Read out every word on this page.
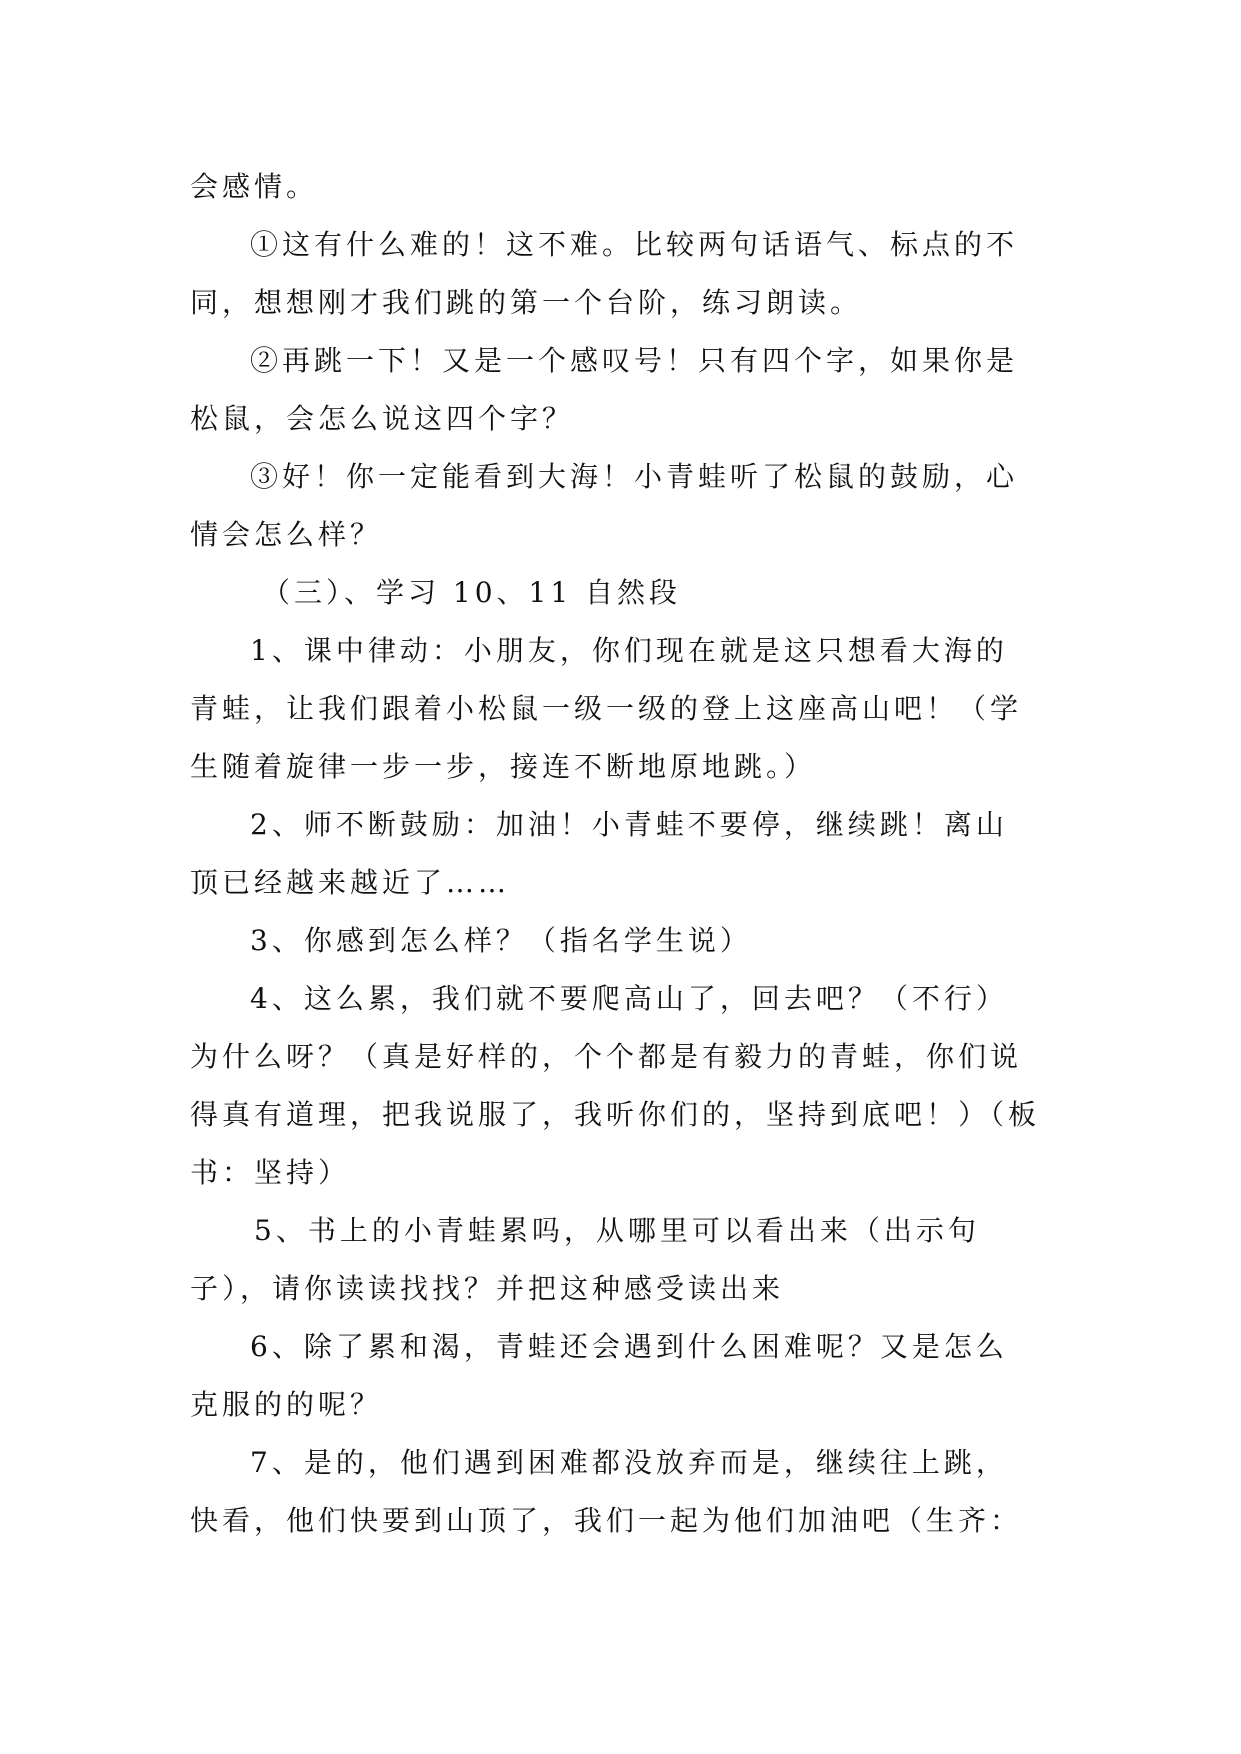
会感情。
①这有什么难的！这不难。比较两句话语气、标点的不
同，想想刚才我们跳的第一个台阶，练习朗读。
②再跳一下！又是一个感叹号！只有四个字，如果你是
松鼠，会怎么说这四个字？
③好！你一定能看到大海！小青蛙听了松鼠的鼓励，心
情会怎么样？
（三）、学习 10、11 自然段
1、课中律动：小朋友，你们现在就是这只想看大海的
青蛙，让我们跟着小松鼠一级一级的登上这座高山吧！（学
生随着旋律一步一步，接连不断地原地跳。）
2、师不断鼓励：加油！小青蛙不要停，继续跳！离山
顶已经越来越近了……
3、你感到怎么样？（指名学生说）
4、这么累，我们就不要爬高山了，回去吧？（不行）
为什么呀？（真是好样的，个个都是有毅力的青蛙，你们说
得真有道理，把我说服了，我听你们的，坚持到底吧！）（板
书：坚持）
5、书上的小青蛙累吗，从哪里可以看出来（出示句
子），请你读读找找？并把这种感受读出来
6、除了累和渴，青蛙还会遇到什么困难呢？又是怎么
克服的的呢？
7、是的，他们遇到困难都没放弃而是，继续往上跳，
快看，他们快要到山顶了，我们一起为他们加油吧（生齐：
